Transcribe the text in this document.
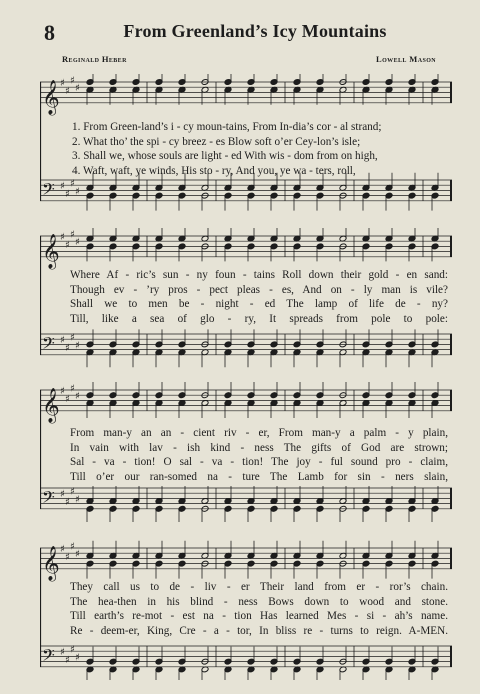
8	From Greenland’s Icy Mountains
Reginald Heber	Lowell Mason
𝄞 ♯
♯
♯
♯
𝄢 ♯
♯
♯
♯
1. From Green-land’s i - cy moun-tains, From In-dia’s cor - al strand;
2. What tho’ the spi - cy breez - es Blow soft o’er Cey-lon’s isle;
3. Shall we, whose souls are light - ed With wis - dom from on high,
4. Waft, waft, ye winds, His sto - ry, And you, ye wa - ters, roll,
𝄞 ♯
♯
♯
♯
𝄢 ♯
♯
♯
♯
Where Af - ric’s sun - ny foun - tains Roll down their gold - en sand:
Though ev - ’ry pros - pect pleas - es, And on - ly man is vile?
Shall we to men be - night - ed The lamp of life de - ny?
Till, like a sea of glo - ry, It spreads from pole to pole:
𝄞 ♯
♯
♯
♯
𝄢 ♯
♯
♯
♯
From man-y an an - cient riv - er, From man-y a palm - y plain,
In vain with lav - ish kind - ness The gifts of God are strown;
Sal - va - tion! O sal - va - tion! The joy - ful sound pro - claim,
Till o’er our ran-somed na - ture The Lamb for sin - ners slain,
𝄞 ♯
♯
♯
♯
𝄢 ♯
♯
♯
♯
They call us to de - liv - er Their land from er - ror’s chain.
The hea-then in his blind - ness Bows down to wood and stone.
Till earth’s re-mot - est na - tion Has learned Mes - si - ah’s name.
Re - deem-er, King, Cre - a - tor, In bliss re - turns to reign. A-MEN.
